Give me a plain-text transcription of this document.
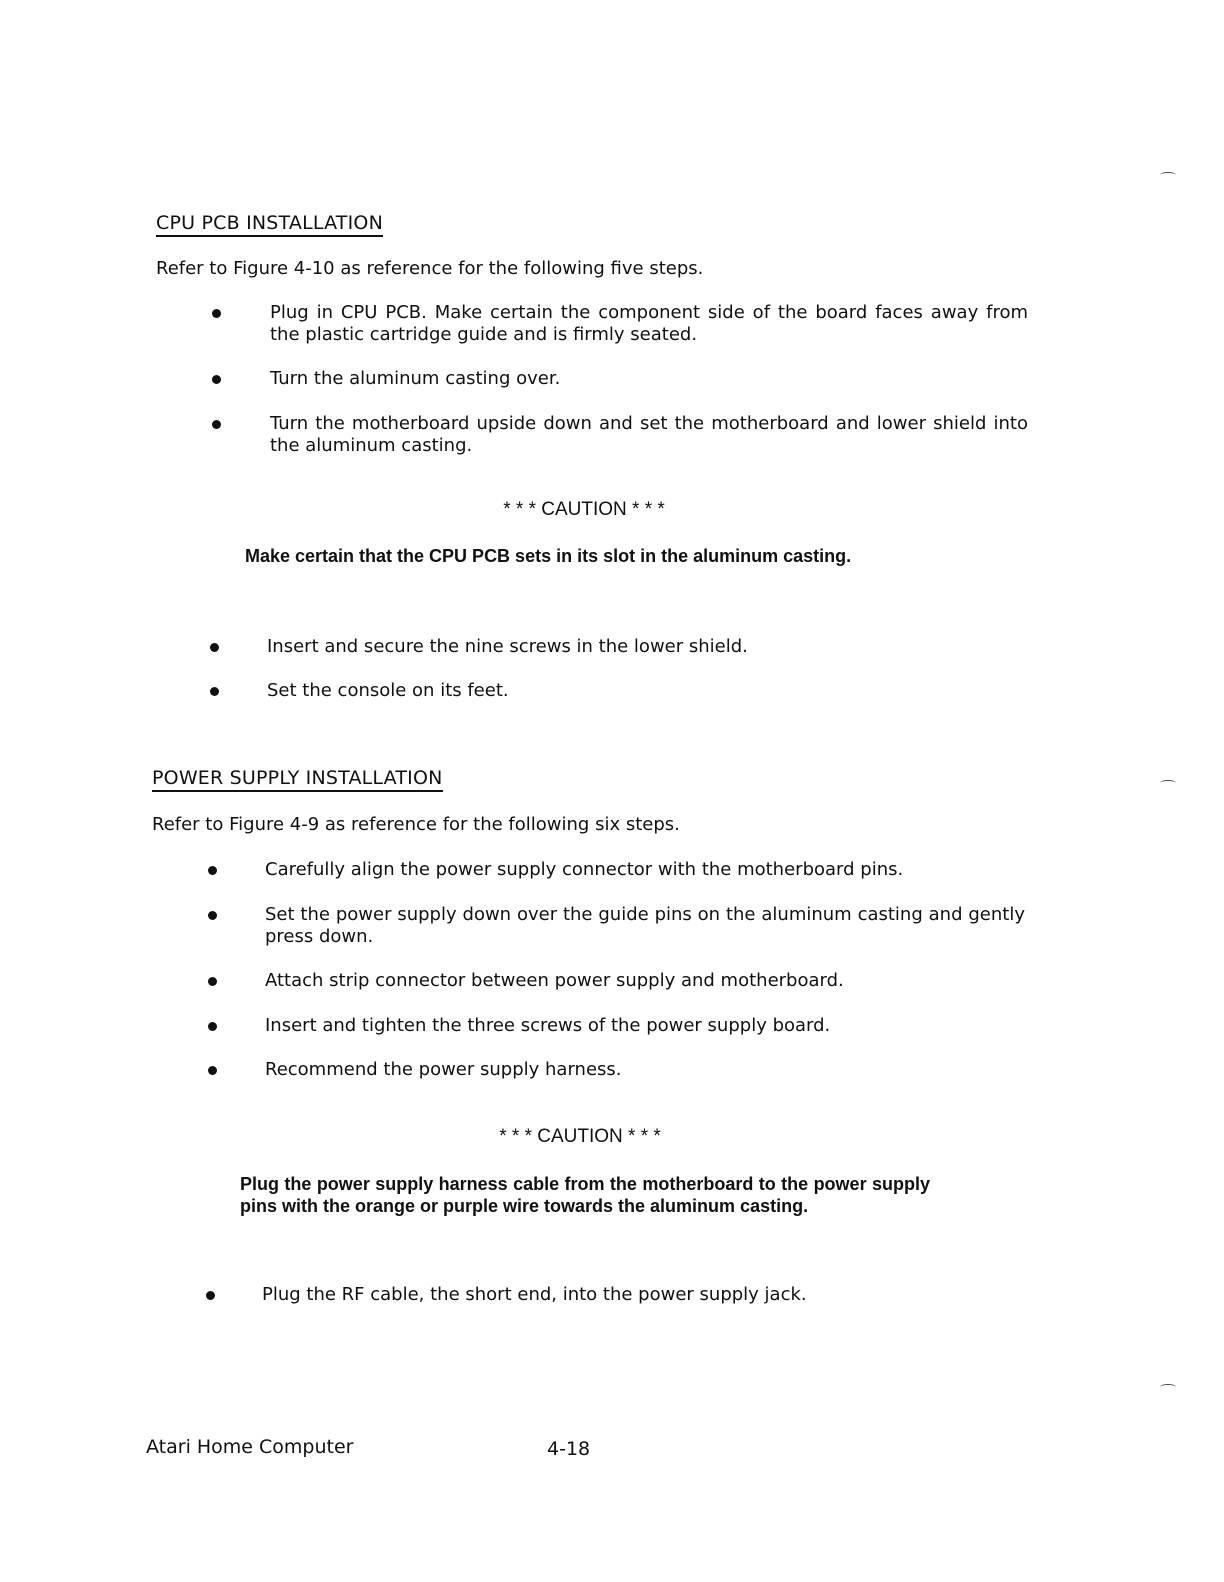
CPU PCB INSTALLATION
Refer to Figure 4-10 as reference for the following five steps.
Plug in CPU PCB. Make certain the component side of the board faces away from the plastic cartridge guide and is firmly seated.
Turn the aluminum casting over.
Turn the motherboard upside down and set the motherboard and lower shield into the aluminum casting.
* * * CAUTION * * *
Make certain that the CPU PCB sets in its slot in the aluminum casting.
Insert and secure the nine screws in the lower shield.
Set the console on its feet.
POWER SUPPLY INSTALLATION
Refer to Figure 4-9 as reference for the following six steps.
Carefully align the power supply connector with the motherboard pins.
Set the power supply down over the guide pins on the aluminum casting and gently press down.
Attach strip connector between power supply and motherboard.
Insert and tighten the three screws of the power supply board.
Recommend the power supply harness.
* * * CAUTION * * *
Plug the power supply harness cable from the motherboard to the power supply pins with the orange or purple wire towards the aluminum casting.
Plug the RF cable, the short end, into the power supply jack.
Atari Home Computer	4-18
